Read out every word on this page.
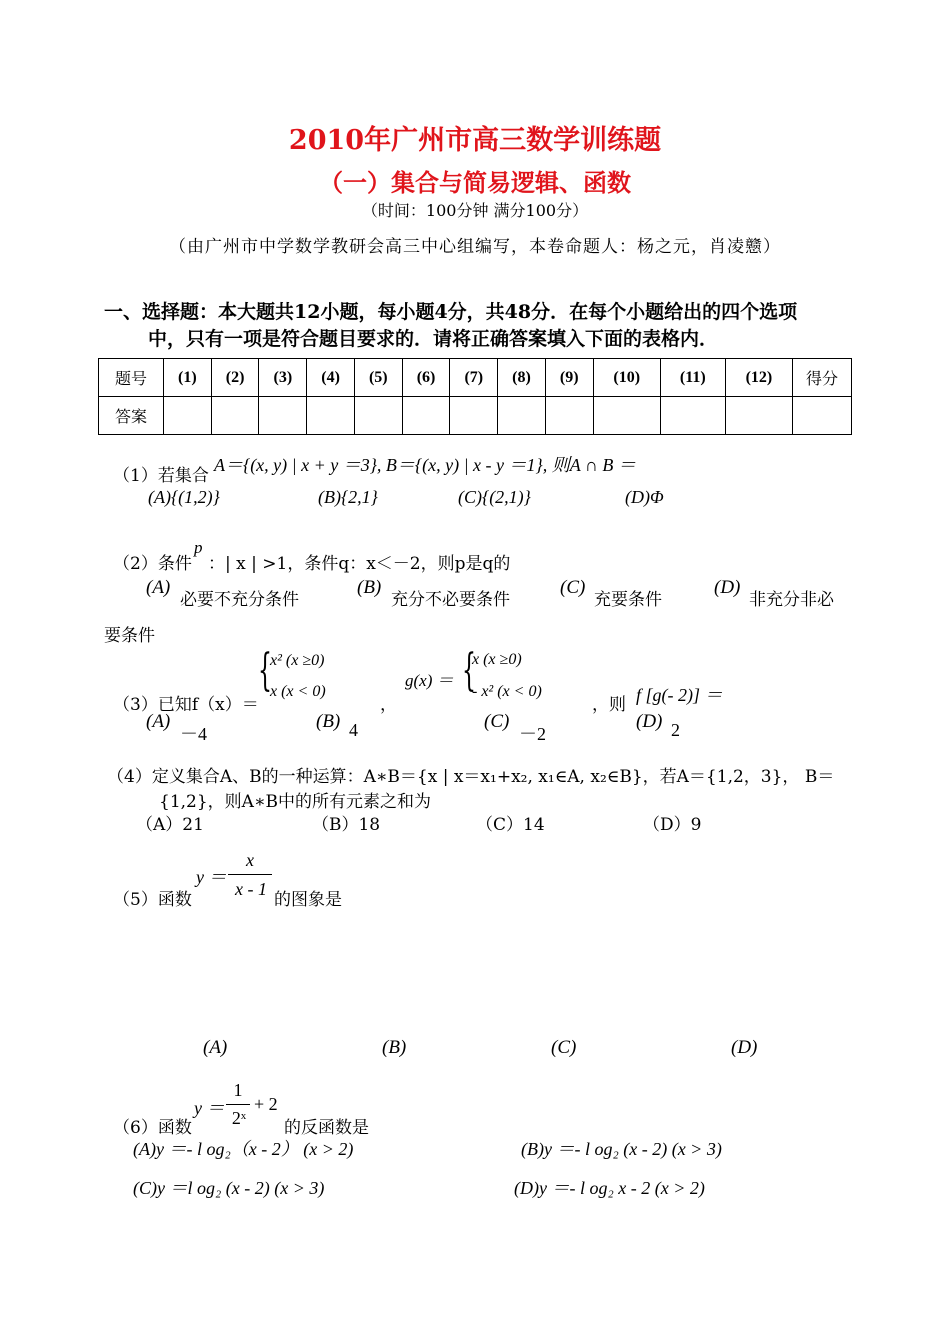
2010年广州市高三数学训练题
（一）集合与简易逻辑、函数
（时间：100分钟 满分100分）
（由广州市中学数学教研会高三中心组编写，本卷命题人：杨之元，肖凌戆）
一、选择题：本大题共12小题，每小题4分，共48分．在每个小题给出的四个选项
中，只有一项是符合题目要求的．请将正确答案填入下面的表格内．
题号	(1)	(2)	(3)	(4)	(5)	(6)	(7)	(8)	(9)	(10)	(11)	(12)	得分
答案													
（1）若集合
A＝{(x, y) | x + y ＝3}, B＝{(x, y) | x - y ＝1}, 则A ∩ B ＝
(A){(1,2)}	(B){2,1}	(C){(2,1)}	(D)Φ
（2）条件
p
：| x | >1，条件q：x＜－2，则p是q的
(A)
必要不充分条件
(B)
充分不必要条件
(C)
充要条件
(D)
非充分非必
要条件
（3）已知f（x）＝
{
x² (x ≥0)
x (x < 0)
，
g(x) ＝ {
x (x ≥0)
- x² (x < 0)
，则 f [g(- 2)] ＝
(A)
－4
(B) 4	(C)
－2
(D) 2
（4）定义集合A、B的一种运算：A∗B＝{x | x＝x₁+x₂, x₁∈A, x₂∈B}，若A＝{1,2，3}， B＝
{1,2}，则A∗B中的所有元素之和为
（A）21	（B）18	（C）14	（D）9
（5）函数
y ＝
x
x - 1
的图象是
(A)	(B)	(C)	(D)
（6）函数
y ＝
1
2ˣ
+ 2
的反函数是
(A)y ＝- l og₂（x - 2） (x > 2)	(B)y ＝- l og₂ (x - 2) (x > 3)
(C)y ＝l og₂ (x - 2) (x > 3)	(D)y ＝- l og₂ x - 2 (x > 2)
